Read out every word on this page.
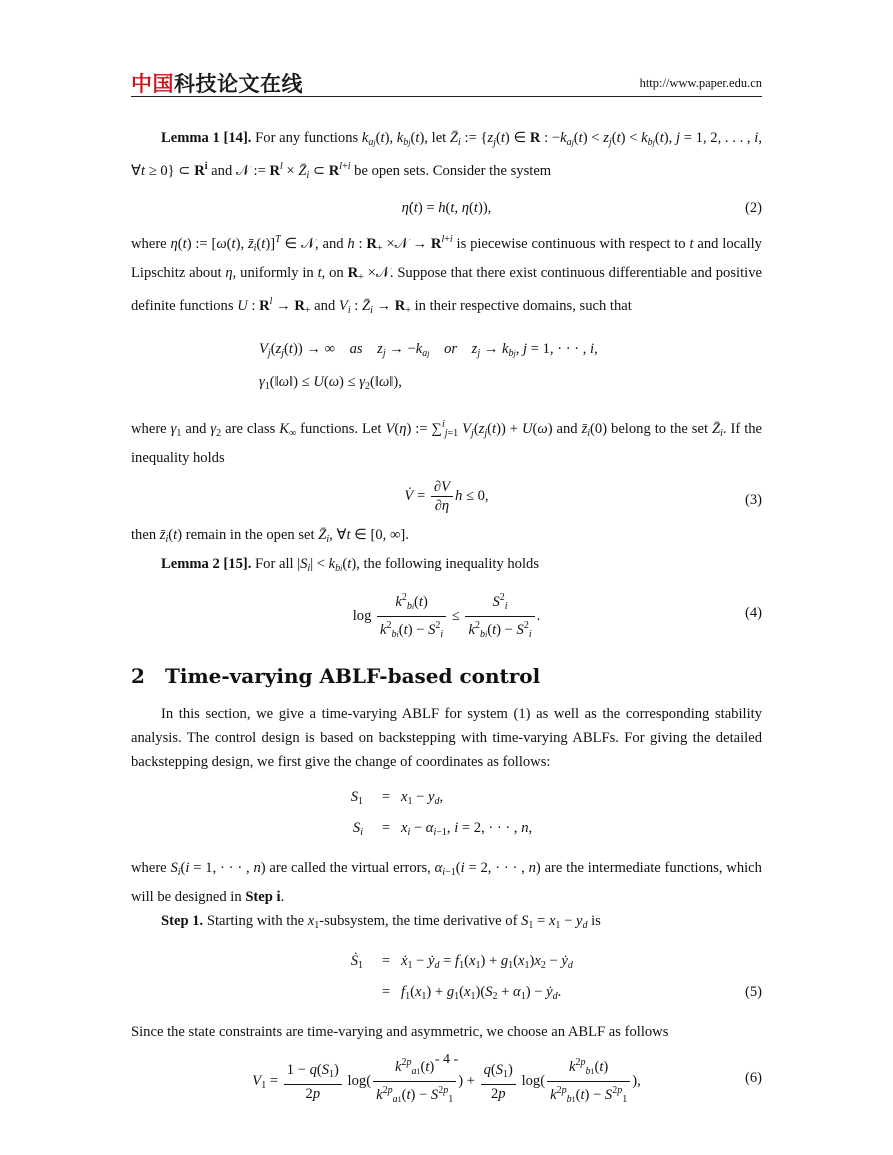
中国科技论文在线	http://www.paper.edu.cn

Lemma 1 [14]. For any functions $k_{aj}(t)$, $k_{bj}(t)$, let $Z̄_i$ := {$z_j(t)$ ∈ R : $-k_{aj}(t) < z_j(t) < k_{bj}(t)$, j = 1, 2, . . . , i, ∀t ≥ 0} ⊂ $R^i$ and 𝒩 := $R^l$ × $Z̄_i$ ⊂ $R^{l+i}$ be open sets. Consider the system

η̇(t) = h(t, η(t)),	(2)

where η(t) := [ω(t), $z̄_i(t)]^T$ ∈ 𝒩, and h : $R_+$ ×𝒩 → $R^{l+i}$ is piecewise continuous with respect to t and locally Lipschitz about η, uniformly in t, on $R_+$ ×𝒩. Suppose that there exist continuous differentiable and positive definite functions U : $R^l \to R_+$ and $V_i$ : $Z̄_i \to R_+$ in their respective domains, such that

$V_j(z_j(t))$ → ∞    as $z_j \to -k_{aj}$ or $z_j \to k_{bj}$, j = 1, · · · , i,
$\gamma_1(‖\omega‖) \le U(\omega)$ ≤ $\gamma_2(‖\omega‖)$,

where $\gamma_1$ and $\gamma_2$ are class $K_\infty$ functions. Let V(η) := ∑$^i_{j=1}$ $V_j(z_j(t)) + U(\omega)$ and $z̄_i(0)$ belong to the set $Z̄_i$. If the inequality holds

V̇ = $\frac{\partial V}{\partial\eta}$ h ≤ 0,	(3)

then $z̄_i(t)$ remain in the open set $Z̄_i$, ∀t ∈ [0, ∞].

Lemma 2 [15]. For all $|S_i| < k_{bi}(t)$, the following inequality holds

$\log \frac{k^2_{bi}(t)}{k^2_{bi}(t) - S^2_i} \le \frac{S^2_i}{k^2_{bi}(t) - S^2_i}$ .	(4)
2 Time-varying ABLF-based control

In this section, we give a time-varying ABLF for system (1) as well as the corresponding stability analysis. The control design is based on backstepping with time-varying ABLFs. For giving the detailed backstepping design, we first give the change of coordinates as follows:

$S_1$	= $x_1 - y_d$,
$S_i$	= $x_i - \alpha_{i-1}$, i = 2, · · · , n,

where $S_i(i = 1$, · · · , n) are called the virtual errors, $\alpha_{i-1}(i = 2$, · · · , n) are the intermediate functions, which will be designed in Step i.

Step 1. Starting with the $x_1$-subsystem, the time derivative of $S_1 = x_1 - y_d$ is

Ṡ$_1$	= ẋ$_1$ − ẏ$_d$ = $f_1(x_1) + g_1(x_1)x_2$ − ẏ$_d$
= $f_1(x_1) + g_1(x_1)(S_2 + \alpha_1)$ − ẏ$_d$.	(5)

Since the state constraints are time-varying and asymmetric, we choose an ABLF as follows

$V_1 = \frac{1 - q(S_1)}{2p} \log( \frac{k^{2p}_{a1}(t)}{k^{2p}_{a1}(t) - S^{2p}_1}$ ) + $\frac{q(S_1)}{2p} \log( \frac{k^{2p}_{b1}(t)}{k^{2p}_{b1}(t) - S^{2p}_1}$ ),	(6)
- 4 -
